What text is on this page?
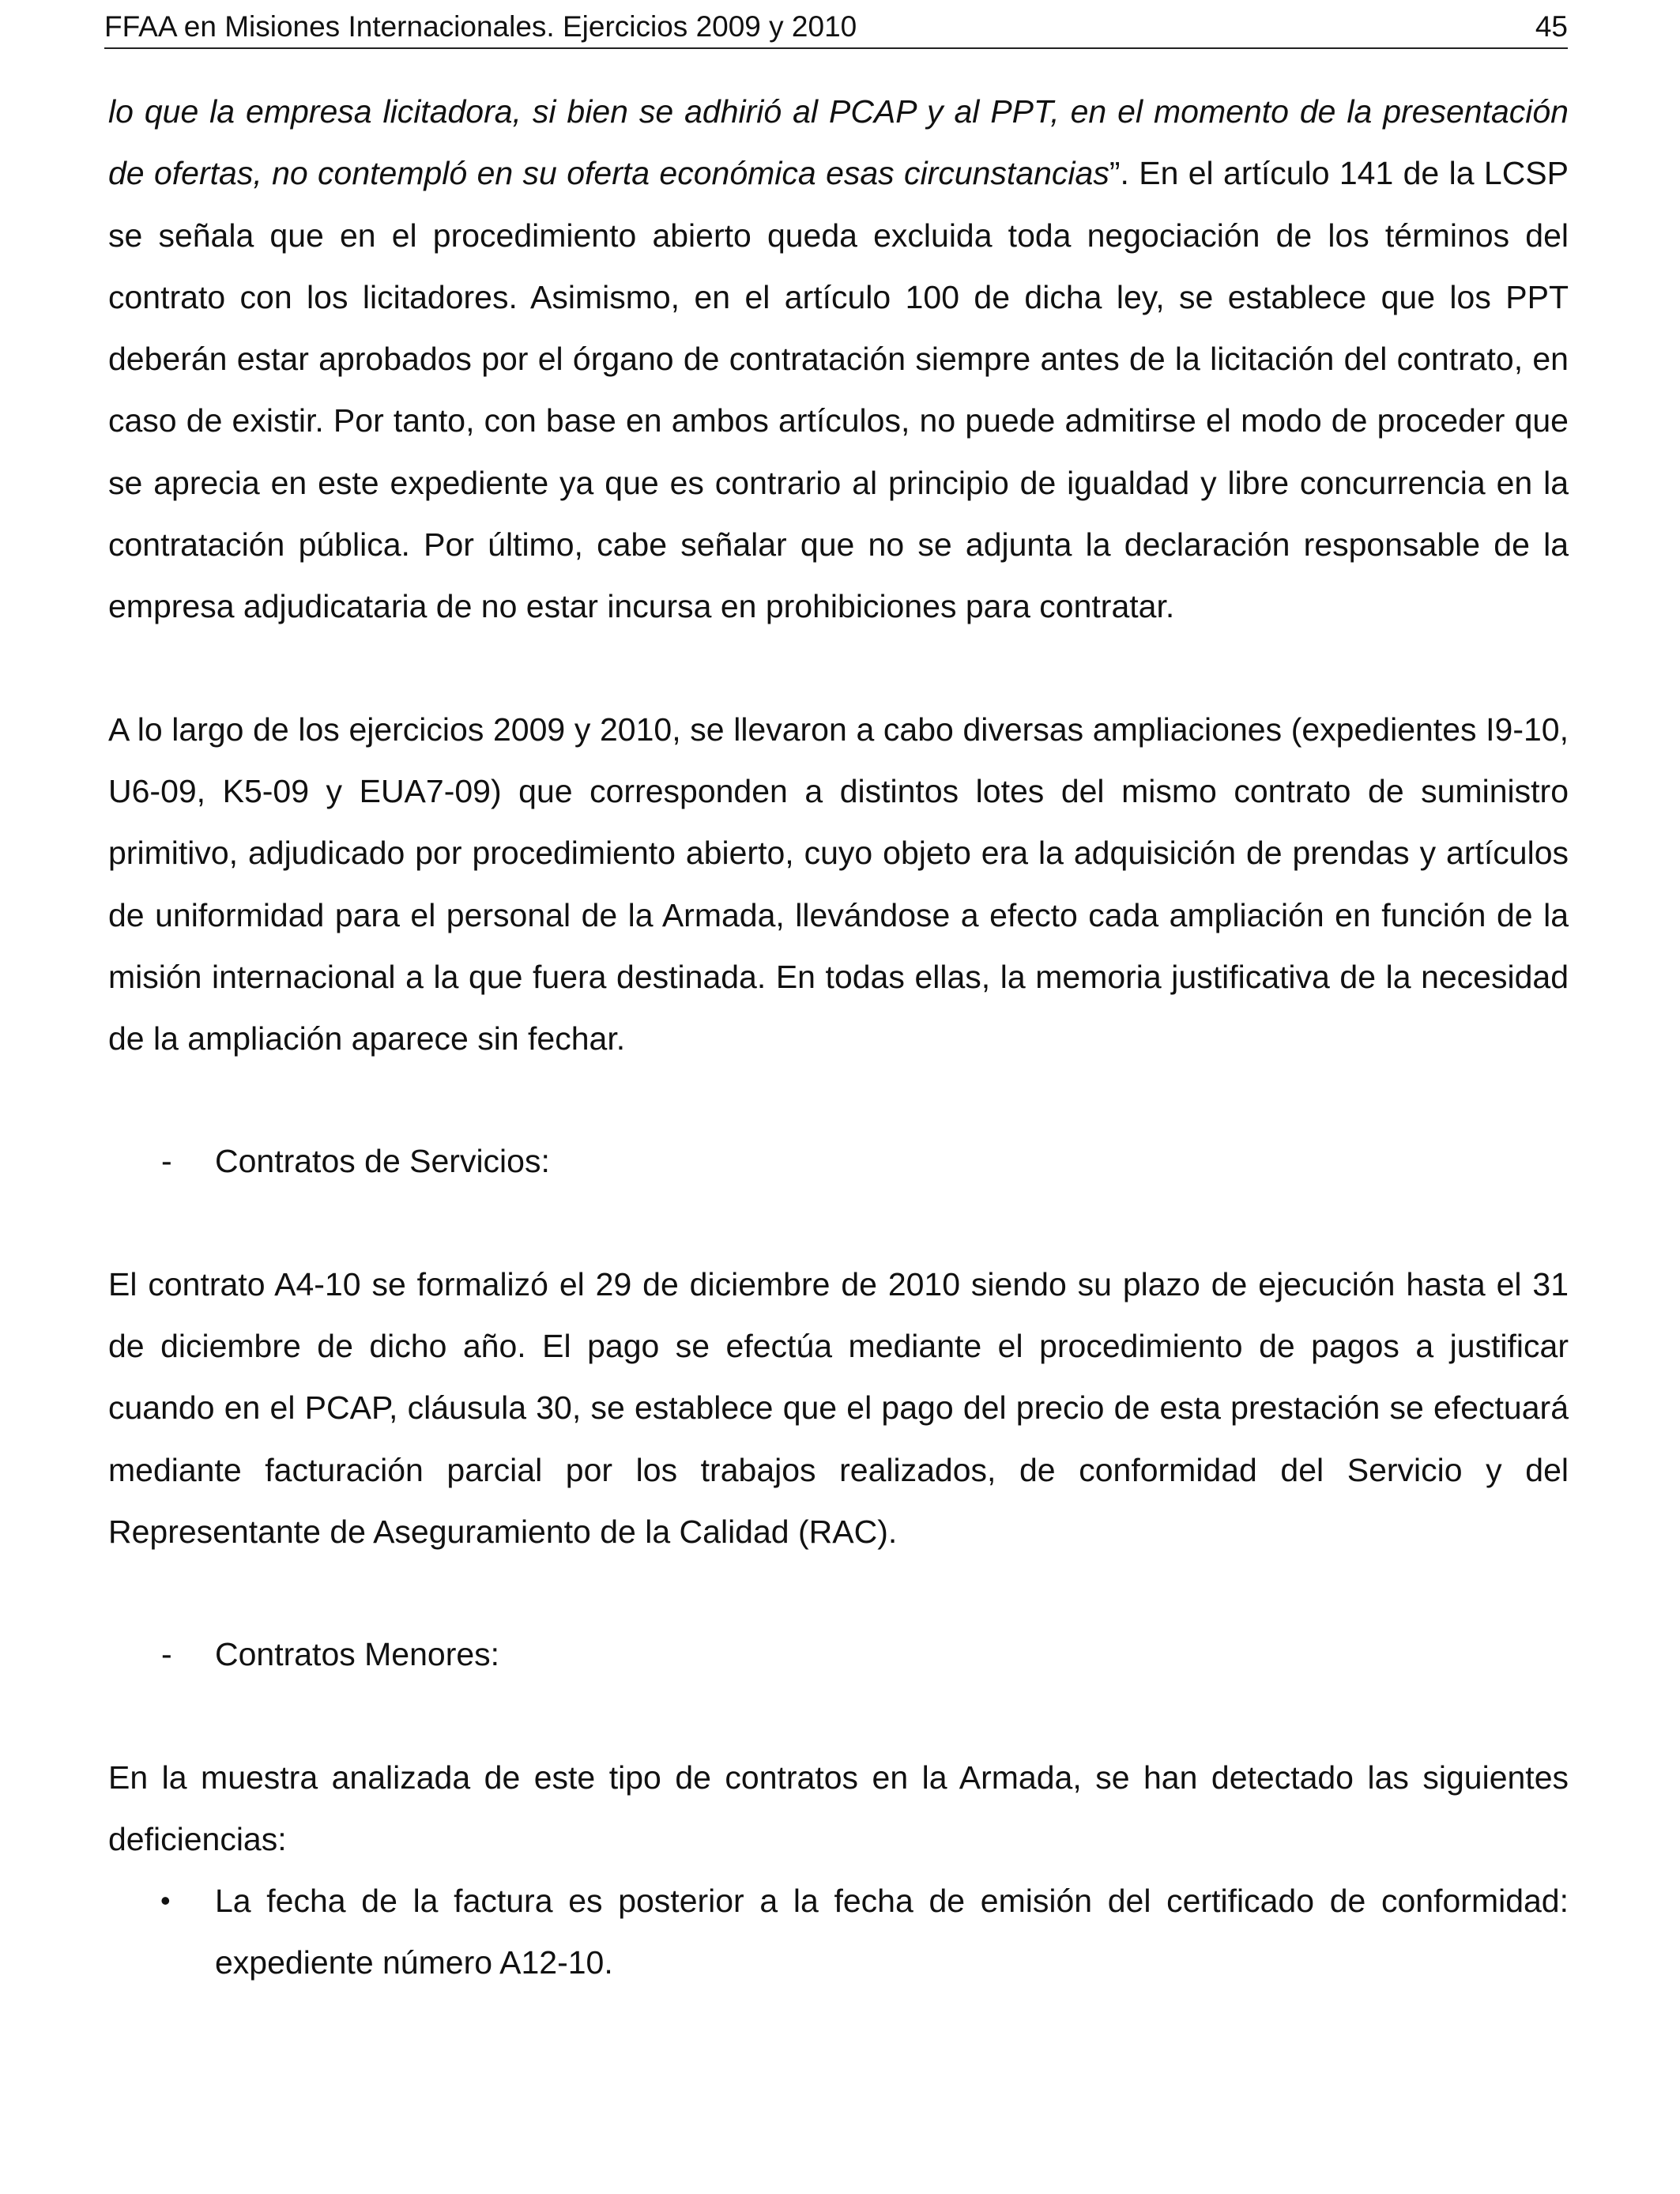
FFAA en Misiones Internacionales. Ejercicios 2009 y 2010	45

lo que la empresa licitadora, si bien se adhirió al PCAP y al PPT, en el momento de la presentación de ofertas, no contempló en su oferta económica esas circunstancias”. En el artículo 141 de la LCSP se señala que en el procedimiento abierto queda excluida toda negociación de los términos del contrato con los licitadores. Asimismo, en el artículo 100 de dicha ley, se establece que los PPT deberán estar aprobados por el órgano de contratación siempre antes de la licitación del contrato, en caso de existir. Por tanto, con base en ambos artículos, no puede admitirse el modo de proceder que se aprecia en este expediente ya que es contrario al principio de igualdad y libre concurrencia en la contratación pública. Por último, cabe señalar que no se adjunta la declaración responsable de la empresa adjudicataria de no estar incursa en prohibiciones para contratar.

A lo largo de los ejercicios 2009 y 2010, se llevaron a cabo diversas ampliaciones (expedientes I9-10, U6-09, K5-09 y EUA7-09) que corresponden a distintos lotes del mismo contrato de suministro primitivo, adjudicado por procedimiento abierto, cuyo objeto era la adquisición de prendas y artículos de uniformidad para el personal de la Armada, llevándose a efecto cada ampliación en función de la misión internacional a la que fuera destinada. En todas ellas, la memoria justificativa de la necesidad de la ampliación aparece sin fechar.

- Contratos de Servicios:

El contrato A4-10 se formalizó el 29 de diciembre de 2010 siendo su plazo de ejecución hasta el 31 de diciembre de dicho año. El pago se efectúa mediante el procedimiento de pagos a justificar cuando en el PCAP, cláusula 30, se establece que el pago del precio de esta prestación se efectuará mediante facturación parcial por los trabajos realizados, de conformidad del Servicio y del Representante de Aseguramiento de la Calidad (RAC).

- Contratos Menores:

En la muestra analizada de este tipo de contratos en la Armada, se han detectado las siguientes deficiencias:

• La fecha de la factura es posterior a la fecha de emisión del certificado de conformidad: expediente número A12-10.
